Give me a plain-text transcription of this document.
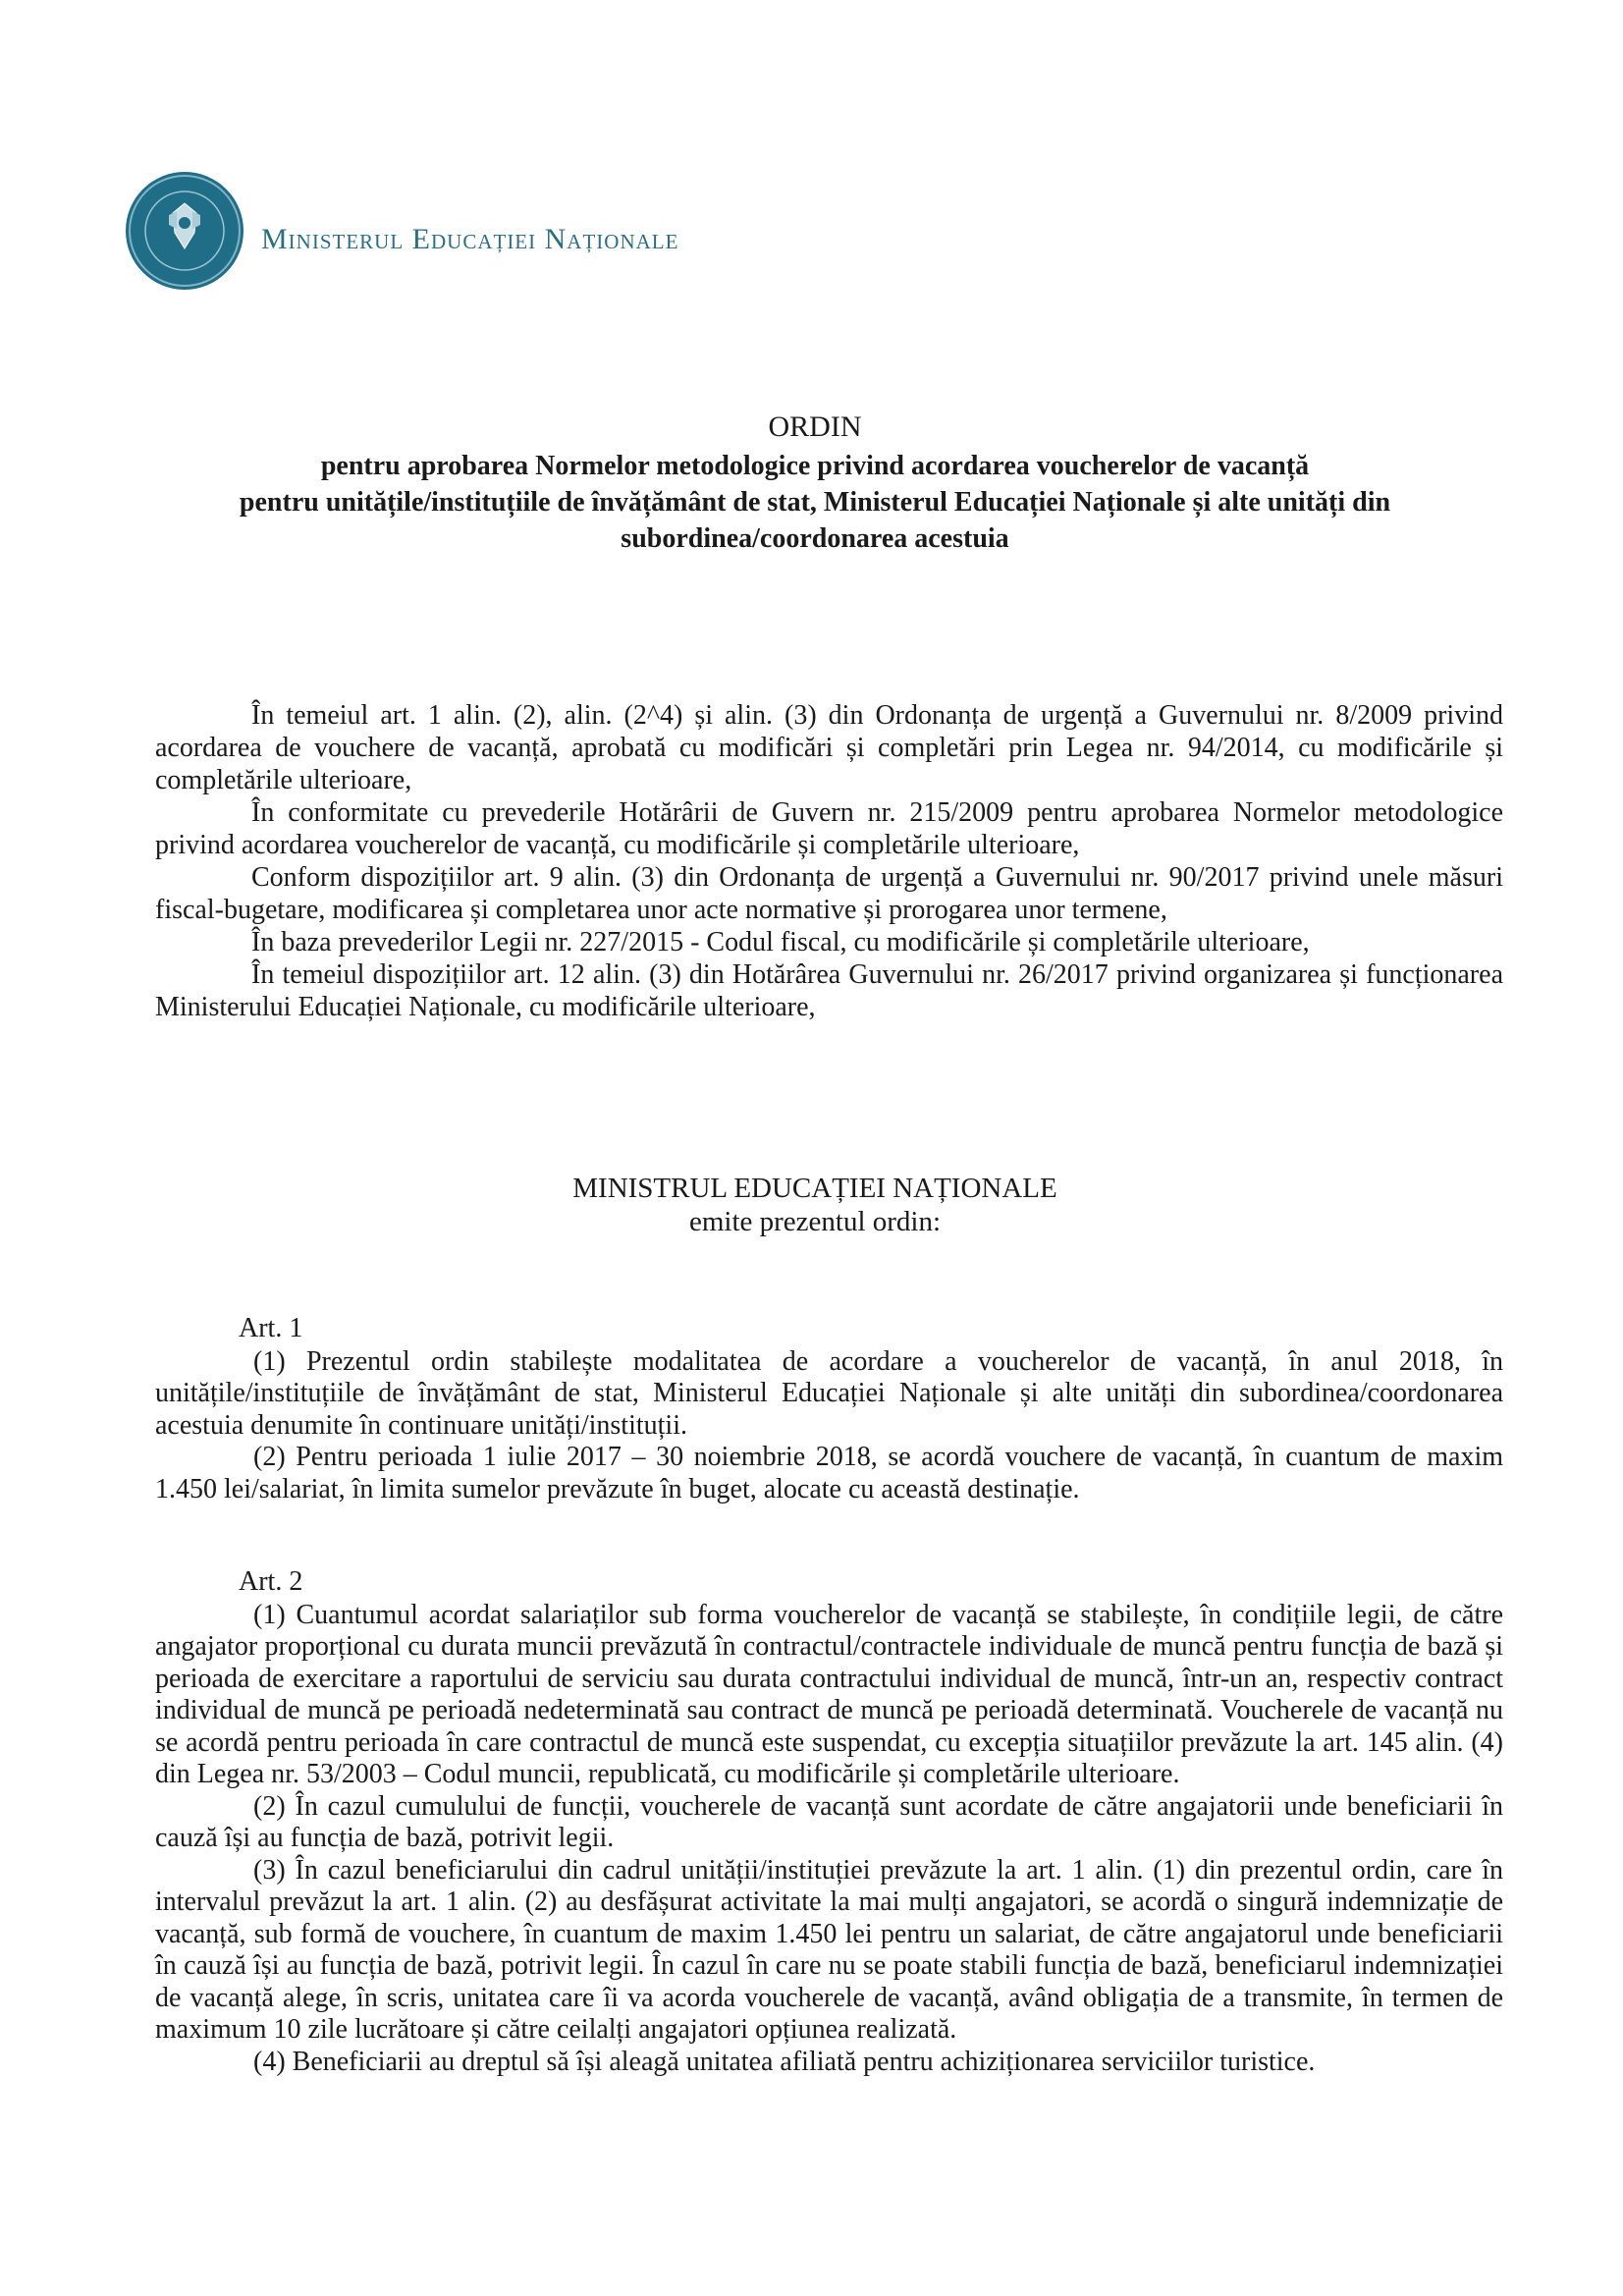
Ministerul Educației Naționale
ORDIN
pentru aprobarea Normelor metodologice privind acordarea voucherelor de vacanță
pentru unitățile/instituțiile de învățământ de stat, Ministerul Educației Naționale și alte unități din
subordinea/coordonarea acestuia

În temeiul art. 1 alin. (2), alin. (2^4) și alin. (3) din Ordonanța de urgență a Guvernului nr. 8/2009 privind acordarea de vouchere de vacanță, aprobată cu modificări și completări prin Legea nr. 94/2014, cu modificările și completările ulterioare,

În conformitate cu prevederile Hotărârii de Guvern nr. 215/2009 pentru aprobarea Normelor metodologice privind acordarea voucherelor de vacanță, cu modificările și completările ulterioare,

Conform dispozițiilor art. 9 alin. (3) din Ordonanța de urgență a Guvernului nr. 90/2017 privind unele măsuri fiscal-bugetare, modificarea și completarea unor acte normative și prorogarea unor termene,

În baza prevederilor Legii nr. 227/2015 - Codul fiscal, cu modificările și completările ulterioare,

În temeiul dispozițiilor art. 12 alin. (3) din Hotărârea Guvernului nr. 26/2017 privind organizarea și funcționarea Ministerului Educației Naționale, cu modificările ulterioare,

MINISTRUL EDUCAȚIEI NAȚIONALE
emite prezentul ordin:

Art. 1

(1) Prezentul ordin stabilește modalitatea de acordare a voucherelor de vacanță, în anul 2018, în unitățile/instituțiile de învățământ de stat, Ministerul Educației Naționale și alte unități din subordinea/coordonarea acestuia denumite în continuare unități/instituții.

(2) Pentru perioada 1 iulie 2017 – 30 noiembrie 2018, se acordă vouchere de vacanță, în cuantum de maxim 1.450 lei/salariat, în limita sumelor prevăzute în buget, alocate cu această destinație.

Art. 2

(1) Cuantumul acordat salariaților sub forma voucherelor de vacanță se stabilește, în condițiile legii, de către angajator proporțional cu durata muncii prevăzută în contractul/contractele individuale de muncă pentru funcția de bază și perioada de exercitare a raportului de serviciu sau durata contractului individual de muncă, într-un an, respectiv contract individual de muncă pe perioadă nedeterminată sau contract de muncă pe perioadă determinată. Voucherele de vacanță nu se acordă pentru perioada în care contractul de muncă este suspendat, cu excepția situațiilor prevăzute la art. 145 alin. (4) din Legea nr. 53/2003 – Codul muncii, republicată, cu modificările și completările ulterioare.

(2) În cazul cumulului de funcții, voucherele de vacanță sunt acordate de către angajatorii unde beneficiarii în cauză își au funcția de bază, potrivit legii.

(3) În cazul beneficiarului din cadrul unității/instituției prevăzute la art. 1 alin. (1) din prezentul ordin, care în intervalul prevăzut la art. 1 alin. (2) au desfășurat activitate la mai mulți angajatori, se acordă o singură indemnizație de vacanță, sub formă de vouchere, în cuantum de maxim 1.450 lei pentru un salariat, de către angajatorul unde beneficiarii în cauză își au funcția de bază, potrivit legii. În cazul în care nu se poate stabili funcția de bază, beneficiarul indemnizației de vacanță alege, în scris, unitatea care îi va acorda voucherele de vacanță, având obligația de a transmite, în termen de maximum 10 zile lucrătoare și către ceilalți angajatori opțiunea realizată.

(4) Beneficiarii au dreptul să își aleagă unitatea afiliată pentru achiziționarea serviciilor turistice.
